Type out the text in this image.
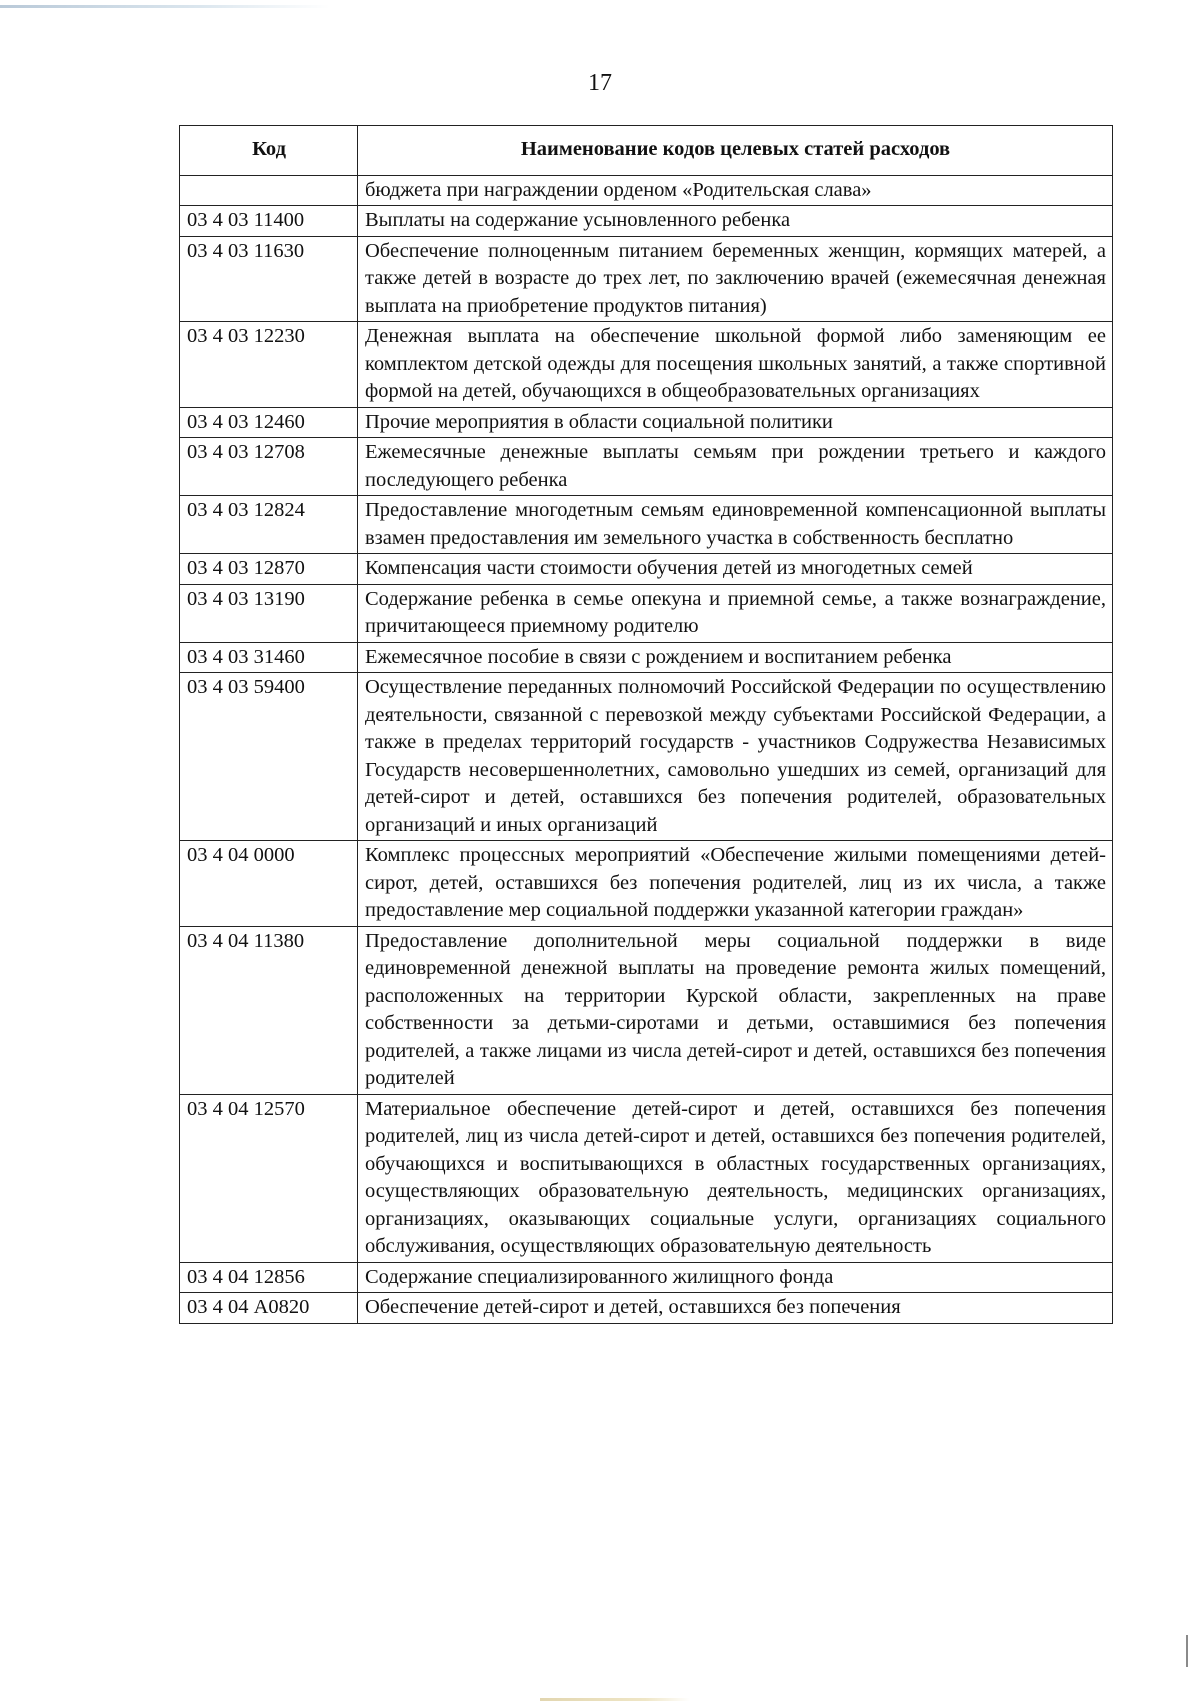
17
Код	Наименование кодов целевых статей расходов
	бюджета при награждении орденом «Родительская слава»
03 4 03 11400	Выплаты на содержание усыновленного ребенка
03 4 03 11630	Обеспечение полноценным питанием беременных женщин, кормящих матерей, а также детей в возрасте до трех лет, по заключению врачей (ежемесячная денежная выплата на приобретение продуктов питания)
03 4 03 12230	Денежная выплата на обеспечение школьной формой либо заменяющим ее комплектом детской одежды для посещения школьных занятий, а также спортивной формой на детей, обучающихся в общеобразовательных организациях
03 4 03 12460	Прочие мероприятия в области социальной политики
03 4 03 12708	Ежемесячные денежные выплаты семьям при рождении третьего и каждого последующего ребенка
03 4 03 12824	Предоставление многодетным семьям единовременной компенсационной выплаты взамен предоставления им земельного участка в собственность бесплатно
03 4 03 12870	Компенсация части стоимости обучения детей из многодетных семей
03 4 03 13190	Содержание ребенка в семье опекуна и приемной семье, а также вознаграждение, причитающееся приемному родителю
03 4 03 31460	Ежемесячное пособие в связи с рождением и воспитанием ребенка
03 4 03 59400	Осуществление переданных полномочий Российской Федерации по осуществлению деятельности, связанной с перевозкой между субъектами Российской Федерации, а также в пределах территорий государств - участников Содружества Независимых Государств несовершеннолетних, самовольно ушедших из семей, организаций для детей-сирот и детей, оставшихся без попечения родителей, образовательных организаций и иных организаций
03 4 04 0000	Комплекс процессных мероприятий «Обеспечение жилыми помещениями детей-сирот, детей, оставшихся без попечения родителей, лиц из их числа, а также предоставление мер социальной поддержки указанной категории граждан»
03 4 04 11380	Предоставление дополнительной меры социальной поддержки в виде единовременной денежной выплаты на проведение ремонта жилых помещений, расположенных на территории Курской области, закрепленных на праве собственности за детьми-сиротами и детьми, оставшимися без попечения родителей, а также лицами из числа детей-сирот и детей, оставшихся без попечения родителей
03 4 04 12570	Материальное обеспечение детей-сирот и детей, оставшихся без попечения родителей, лиц из числа детей-сирот и детей, оставшихся без попечения родителей, обучающихся и воспитывающихся в областных государственных организациях, осуществляющих образовательную деятельность, медицинских организациях, организациях, оказывающих социальные услуги, организациях социального обслуживания, осуществляющих образовательную деятельность
03 4 04 12856	Содержание специализированного жилищного фонда
03 4 04 А0820	Обеспечение детей-сирот и детей, оставшихся без попечения
